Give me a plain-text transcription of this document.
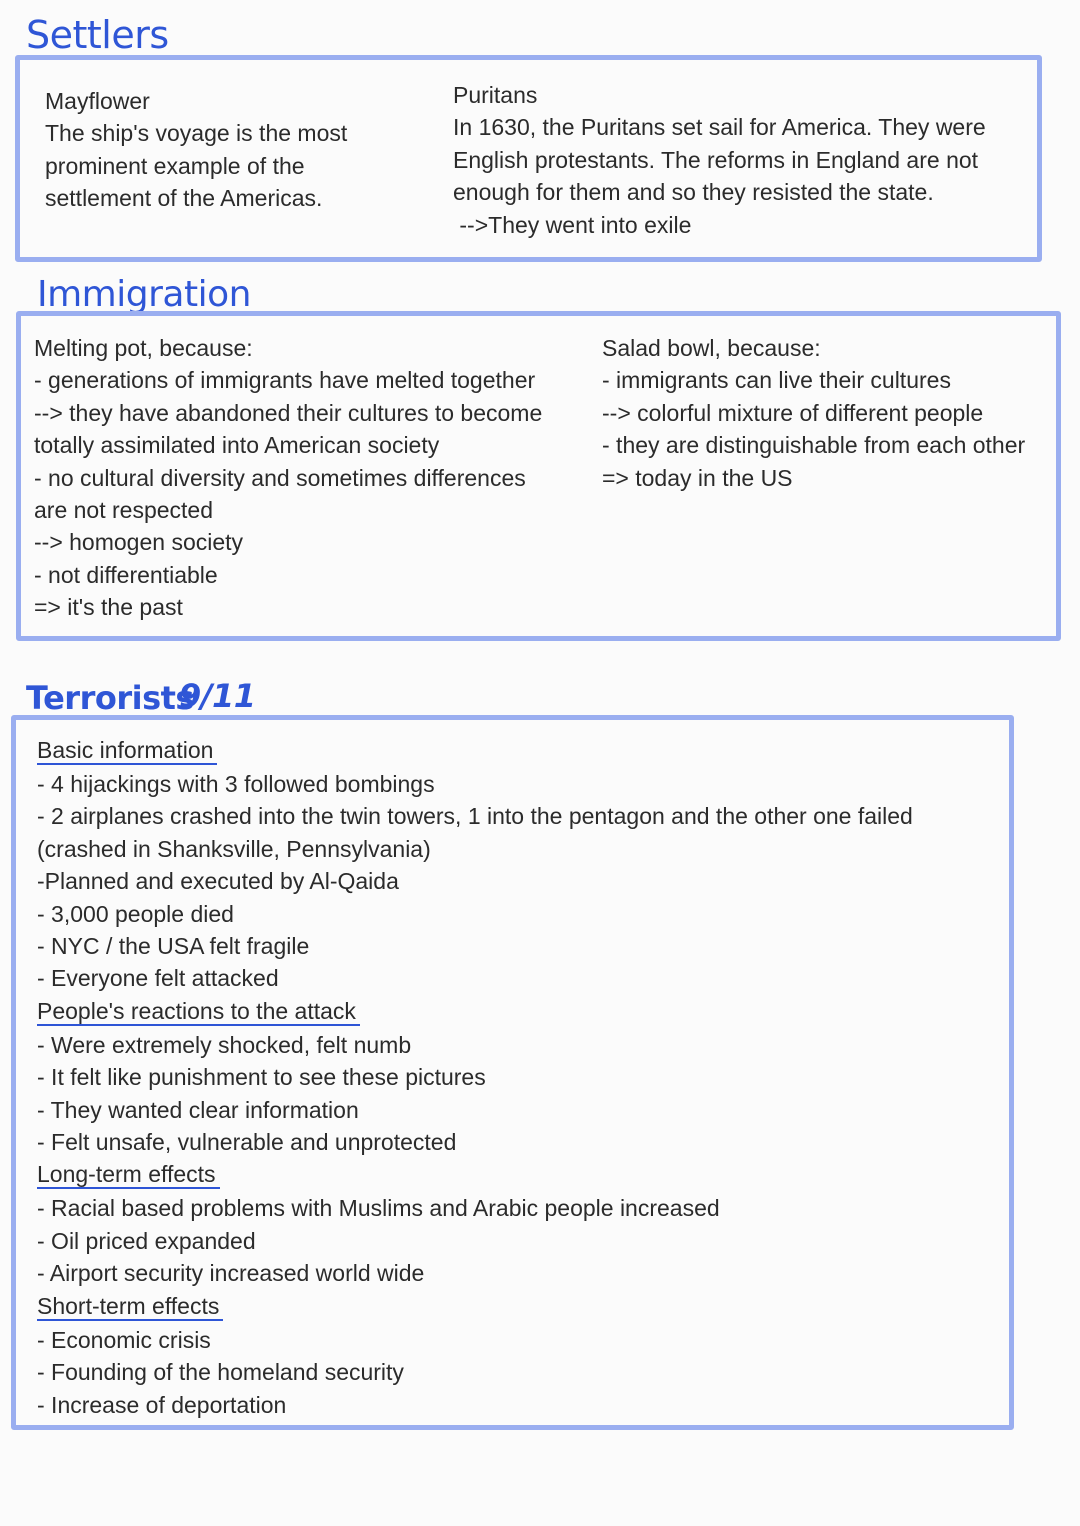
Settlers
Mayflower
The ship's voyage is the most
prominent example of the
settlement of the Americas.
Puritans
In 1630, the Puritans set sail for America. They were
English protestants. The reforms in England are not
enough for them and so they resisted the state.
-->They went into exile
Immigration
Melting pot, because:
- generations of immigrants have melted together
--> they have abandoned their cultures to become
totally assimilated into American society
- no cultural diversity and sometimes differences
are not respected
--> homogen society
- not differentiable
=> it's the past
Salad bowl, because:
- immigrants can live their cultures
--> colorful mixture of different people
- they are distinguishable from each other
=> today in the US
Terrorists
9/11
Basic information
- 4 hijackings with 3 followed bombings
- 2 airplanes crashed into the twin towers, 1 into the pentagon and the other one failed
(crashed in Shanksville, Pennsylvania)
-Planned and executed by Al-Qaida
- 3,000 people died
- NYC / the USA felt fragile
- Everyone felt attacked
People's reactions to the attack
- Were extremely shocked, felt numb
- It felt like punishment to see these pictures
- They wanted clear information
- Felt unsafe, vulnerable and unprotected
Long-term effects
- Racial based problems with Muslims and Arabic people increased
- Oil priced expanded
- Airport security increased world wide
Short-term effects
- Economic crisis
- Founding of the homeland security
- Increase of deportation
